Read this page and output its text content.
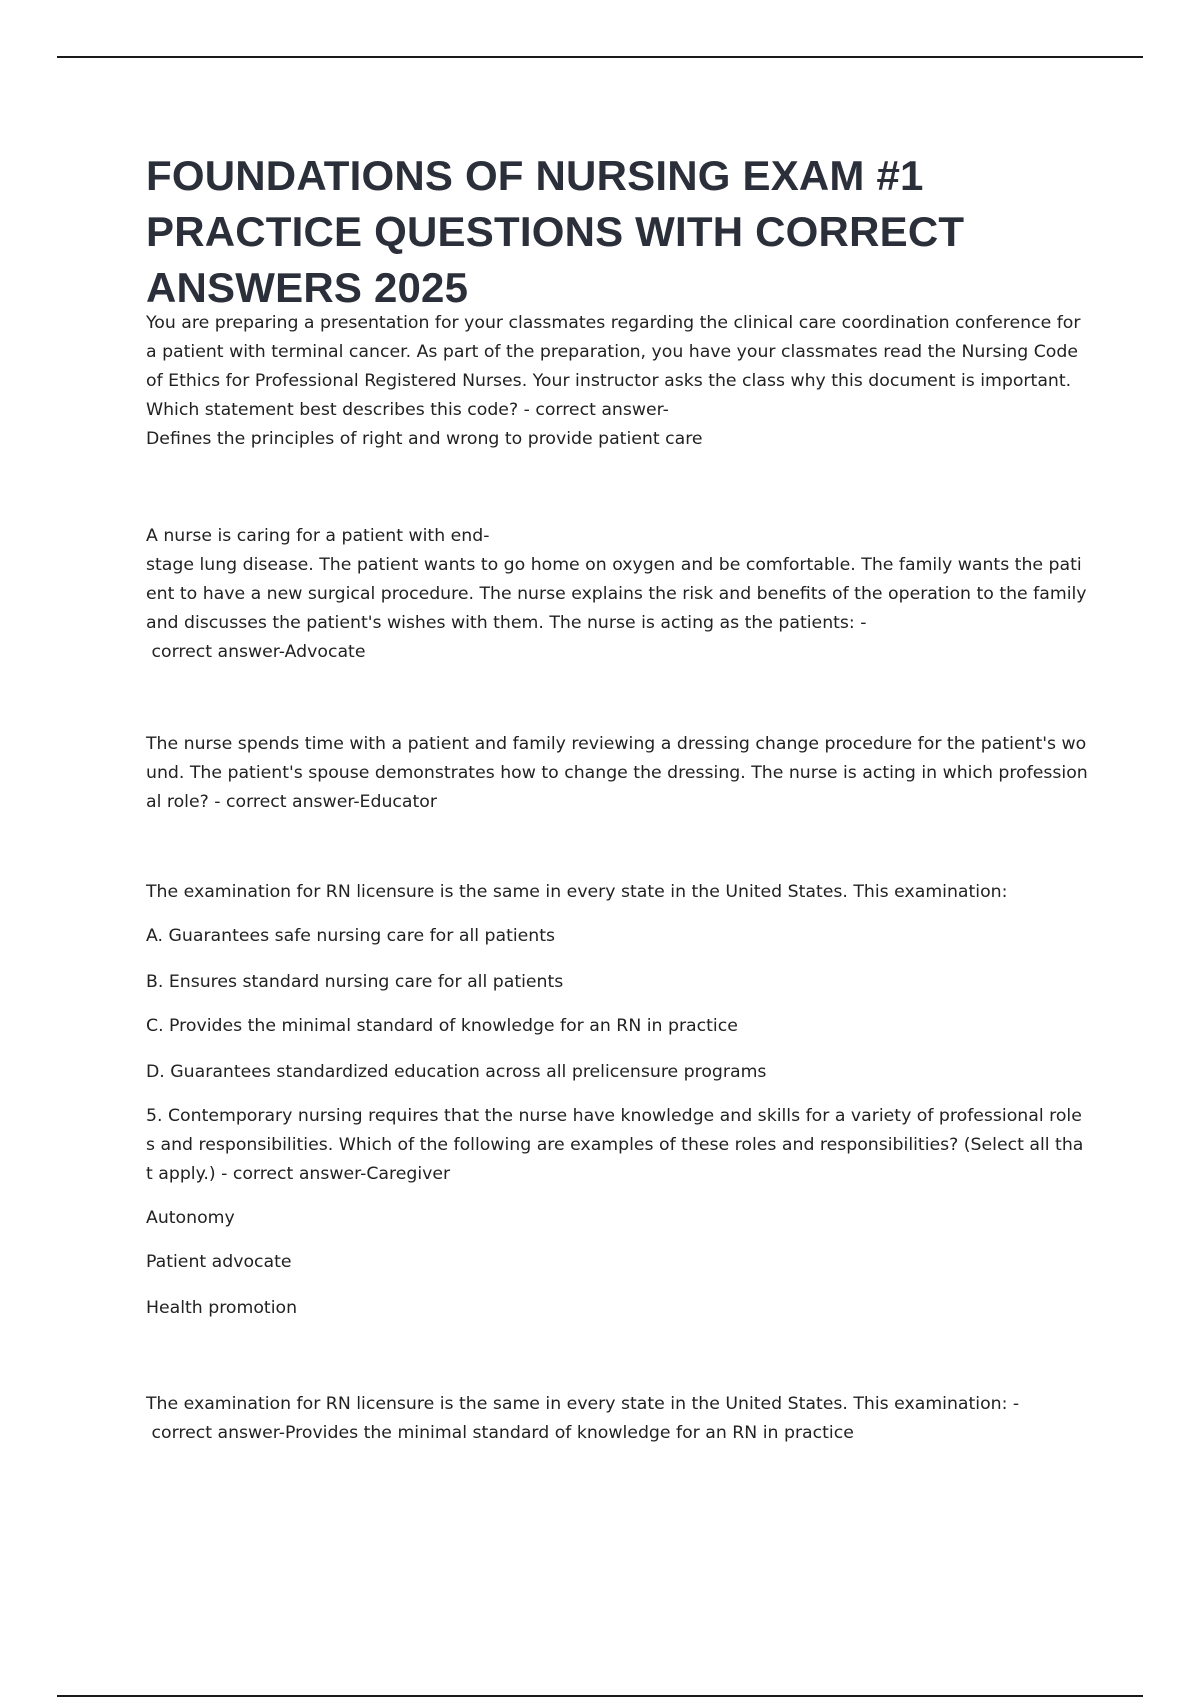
FOUNDATIONS OF NURSING EXAM #1 PRACTICE QUESTIONS WITH CORRECT ANSWERS 2025

You are preparing a presentation for your classmates regarding the clinical care coordination conference for a patient with terminal cancer. As part of the preparation, you have your classmates read the Nursing Code of Ethics for Professional Registered Nurses. Your instructor asks the class why this document is important. Which statement best describes this code? - correct answer-

Defines the principles of right and wrong to provide patient care

A nurse is caring for a patient with end-

stage lung disease. The patient wants to go home on oxygen and be comfortable. The family wants the patient to have a new surgical procedure. The nurse explains the risk and benefits of the operation to the family and discusses the patient's wishes with them. The nurse is acting as the patients: -

correct answer-Advocate

The nurse spends time with a patient and family reviewing a dressing change procedure for the patient's wound. The patient's spouse demonstrates how to change the dressing. The nurse is acting in which professional role? - correct answer-Educator

The examination for RN licensure is the same in every state in the United States. This examination:

A. Guarantees safe nursing care for all patients

B. Ensures standard nursing care for all patients

C. Provides the minimal standard of knowledge for an RN in practice

D. Guarantees standardized education across all prelicensure programs

5. Contemporary nursing requires that the nurse have knowledge and skills for a variety of professional roles and responsibilities. Which of the following are examples of these roles and responsibilities? (Select all that apply.) - correct answer-Caregiver

Autonomy

Patient advocate

Health promotion

The examination for RN licensure is the same in every state in the United States. This examination: -

correct answer-Provides the minimal standard of knowledge for an RN in practice
